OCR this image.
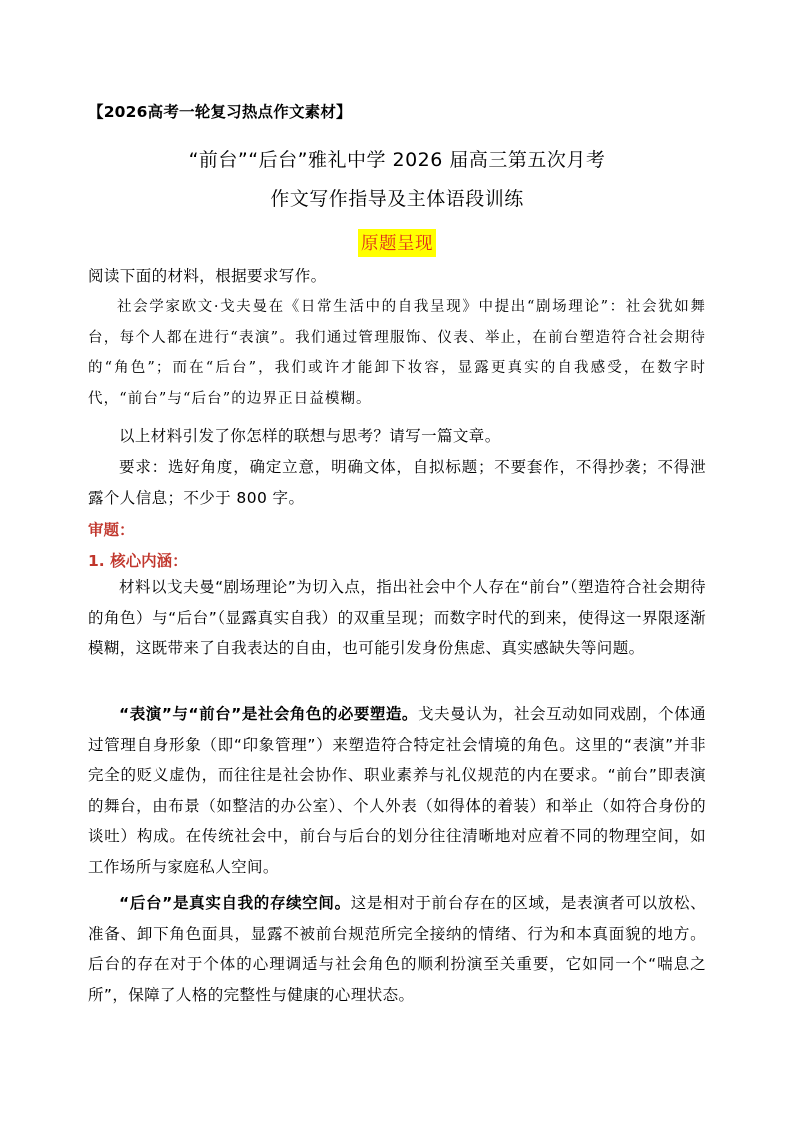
【2026高考一轮复习热点作文素材】
“前台”“后台”雅礼中学 2026 届高三第五次月考
作文写作指导及主体语段训练
原题呈现

阅读下面的材料，根据要求写作。

社会学家欧文·戈夫曼在《日常生活中的自我呈现》中提出“剧场理论”：社会犹如舞台，每个人都在进行“表演”。我们通过管理服饰、仪表、举止，在前台塑造符合社会期待的“角色”；而在“后台”，我们或许才能卸下妆容，显露更真实的自我感受，在数字时代，“前台”与“后台”的边界正日益模糊。

以上材料引发了你怎样的联想与思考？请写一篇文章。

要求：选好角度，确定立意，明确文体，自拟标题；不要套作，不得抄袭；不得泄露个人信息；不少于 800 字。

审题：
1. 核心内涵：

材料以戈夫曼“剧场理论”为切入点，指出社会中个人存在“前台”（塑造符合社会期待的角色）与“后台”（显露真实自我）的双重呈现；而数字时代的到来，使得这一界限逐渐模糊，这既带来了自我表达的自由，也可能引发身份焦虑、真实感缺失等问题。

“表演”与“前台”是社会角色的必要塑造。戈夫曼认为，社会互动如同戏剧，个体通过管理自身形象（即“印象管理”）来塑造符合特定社会情境的角色。这里的“表演”并非完全的贬义虚伪，而往往是社会协作、职业素养与礼仪规范的内在要求。“前台”即表演的舞台，由布景（如整洁的办公室）、个人外表（如得体的着装）和举止（如符合身份的谈吐）构成。在传统社会中，前台与后台的划分往往清晰地对应着不同的物理空间，如工作场所与家庭私人空间。

“后台”是真实自我的存续空间。这是相对于前台存在的区域，是表演者可以放松、准备、卸下角色面具，显露不被前台规范所完全接纳的情绪、行为和本真面貌的地方。后台的存在对于个体的心理调适与社会角色的顺利扮演至关重要，它如同一个“喘息之所”，保障了人格的完整性与健康的心理状态。
